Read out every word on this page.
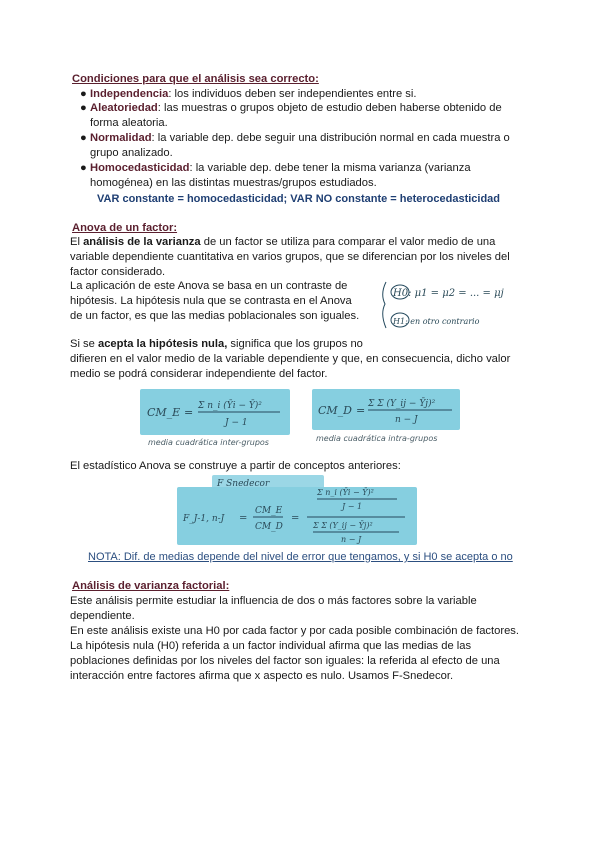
Condiciones para que el análisis sea correcto:
● Independencia: los individuos deben ser independientes entre si.
● Aleatoriedad: las muestras o grupos objeto de estudio deben haberse obtenido de
forma aleatoria.
● Normalidad: la variable dep. debe seguir una distribución normal en cada muestra o
grupo analizado.
● Homocedasticidad: la variable dep. debe tener la misma varianza (varianza
homogénea) en las distintas muestras/grupos estudiados.
VAR constante = homocedasticidad; VAR NO constante = heterocedasticidad
Anova de un factor:
El análisis de la varianza de un factor se utiliza para comparar el valor medio de una
variable dependiente cuantitativa en varios grupos, que se diferencian por los niveles del
factor considerado.
La aplicación de este Anova se basa en un contraste de
hipótesis. La hipótesis nula que se contrasta en el Anova
de un factor, es que las medias poblacionales son iguales.
H0: μ1 = μ2 = ... = μj
H1: en otro contrario
Si se acepta la hipótesis nula, significa que los grupos no
difieren en el valor medio de la variable dependiente y que, en consecuencia, dicho valor
medio se podrá considerar independiente del factor.
CM_E = Σ n_i (Ȳi − Ȳ)²
J − 1
media cuadrática inter-grupos
CM_D = Σ Σ (Y_ij − Ȳj)²
n − J
media cuadrática intra-grupos
El estadístico Anova se construye a partir de conceptos anteriores:
F Snedecor
F_J-1, n-J =
CM_E
CM_D
=
Σ n_i (Ȳi − Ȳ)²
J − 1
Σ Σ (Y_ij − Ȳj)²
n − J
NOTA: Dif. de medias depende del nivel de error que tengamos, y si H0 se acepta o no
Análisis de varianza factorial:
Este análisis permite estudiar la influencia de dos o más factores sobre la variable
dependiente.
En este análisis existe una H0 por cada factor y por cada posible combinación de factores.
La hipótesis nula (H0) referida a un factor individual afirma que las medias de las
poblaciones definidas por los niveles del factor son iguales: la referida al efecto de una
interacción entre factores afirma que x aspecto es nulo. Usamos F-Snedecor.
